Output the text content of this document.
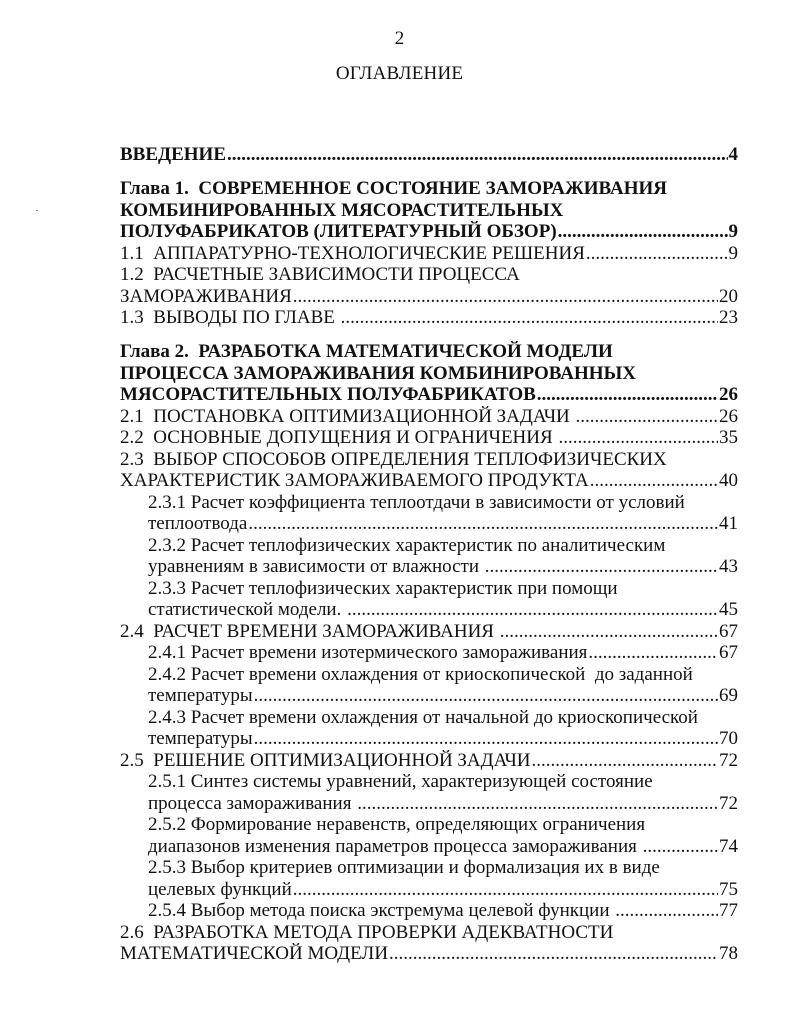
2
ОГЛАВЛЕНИЕ
ВВЕДЕНИЕ .....	4
Глава 1.  СОВРЕМЕННОЕ СОСТОЯНИЕ ЗАМОРАЖИВАНИЯ
КОМБИНИРОВАННЫХ МЯСОРАСТИТЕЛЬНЫХ
ПОЛУФАБРИКАТОВ (ЛИТЕРАТУРНЫЙ ОБЗОР) .....	9
1.1  АППАРАТУРНО-ТЕХНОЛОГИЧЕСКИЕ РЕШЕНИЯ .....	9
1.2  РАСЧЕТНЫЕ ЗАВИСИМОСТИ ПРОЦЕССА
ЗАМОРАЖИВАНИЯ .....	20
1.3  ВЫВОДЫ ПО ГЛАВЕ .....	23
Глава 2.  РАЗРАБОТКА МАТЕМАТИЧЕСКОЙ МОДЕЛИ
ПРОЦЕССА ЗАМОРАЖИВАНИЯ КОМБИНИРОВАННЫХ
МЯСОРАСТИТЕЛЬНЫХ ПОЛУФАБРИКАТОВ .....	26
2.1  ПОСТАНОВКА ОПТИМИЗАЦИОННОЙ ЗАДАЧИ .....	26
2.2  ОСНОВНЫЕ ДОПУЩЕНИЯ И ОГРАНИЧЕНИЯ .....	35
2.3  ВЫБОР СПОСОБОВ ОПРЕДЕЛЕНИЯ ТЕПЛОФИЗИЧЕСКИХ
ХАРАКТЕРИСТИК ЗАМОРАЖИВАЕМОГО ПРОДУКТА .....	40
2.3.1 Расчет коэффициента теплоотдачи в зависимости от условий
теплоотвода .....	41
2.3.2 Расчет теплофизических характеристик по аналитическим
уравнениям в зависимости от влажности .....	43
2.3.3 Расчет теплофизических характеристик при помощи
статистической модели. .....	45
2.4  РАСЧЕТ ВРЕМЕНИ ЗАМОРАЖИВАНИЯ .....	67
2.4.1 Расчет времени изотермического замораживания .....	67
2.4.2 Расчет времени охлаждения от криоскопической  до заданной
температуры .....	69
2.4.3 Расчет времени охлаждения от начальной до криоскопической
температуры .....	70
2.5  РЕШЕНИЕ ОПТИМИЗАЦИОННОЙ ЗАДАЧИ .....	72
2.5.1 Синтез системы уравнений, характеризующей состояние
процесса замораживания .....	72
2.5.2 Формирование неравенств, определяющих ограничения
диапазонов изменения параметров процесса замораживания .....	74
2.5.3 Выбор критериев оптимизации и формализация их в виде
целевых функций .....	75
2.5.4 Выбор метода поиска экстремума целевой функции .....	77
2.6  РАЗРАБОТКА МЕТОДА ПРОВЕРКИ АДЕКВАТНОСТИ
МАТЕМАТИЧЕСКОЙ МОДЕЛИ .....	78
